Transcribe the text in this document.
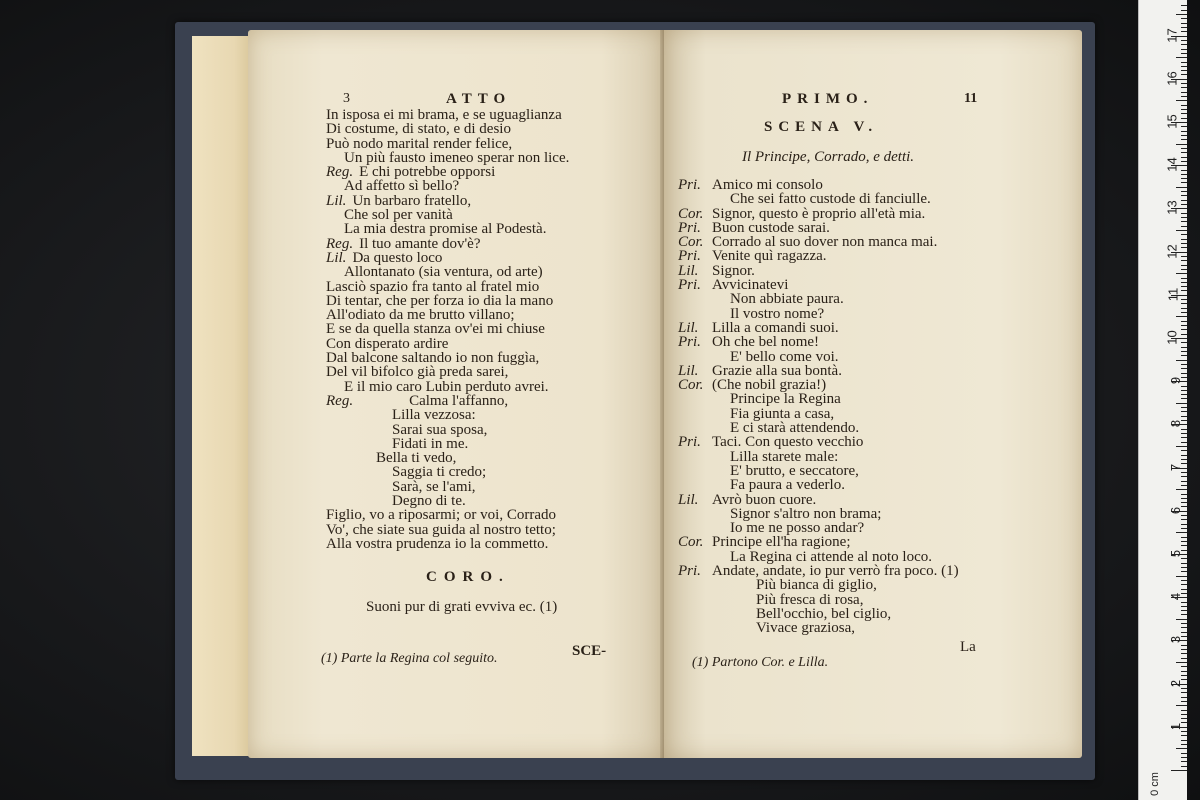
3	ATTO
In isposa ei mi brama, e se uguaglianza
Di costume, di stato, e di desio
Può nodo marital render felice,
Un più fausto imeneo sperar non lice.
Reg. E chi potrebbe opporsi
Ad affetto sì bello?
Lil. Un barbaro fratello,
Che sol per vanità
La mia destra promise al Podestà.
Reg. Il tuo amante dov'è?
Lil. Da questo loco
Allontanato (sia ventura, od arte)
Lasciò spazio fra tanto al fratel mio
Di tentar, che per forza io dia la mano
All'odiato da me brutto villano;
E se da quella stanza ov'ei mi chiuse
Con disperato ardire
Dal balcone saltando io non fuggìa,
Del vil bifolco già preda sarei,
E il mio caro Lubin perduto avrei.
Reg.	Calma l'affanno,
Lilla vezzosa:
Sarai sua sposa,
Fidati in me.
Bella ti vedo,
Saggia ti credo;
Sarà, se l'ami,
Degno di te.
Figlio, vo a riposarmi; or voi, Corrado
Vo', che siate sua guida al nostro tetto;
Alla vostra prudenza io la commetto.
CORO.
Suoni pur di grati evviva ec. (1)
(1) Parte la Regina col seguito.	SCE-
PRIMO.	11
SCENA V.
Il Principe, Corrado, e detti.
Pri. Amico mi consolo
Che sei fatto custode di fanciulle.
Cor. Signor, questo è proprio all'età mia.
Pri. Buon custode sarai.
Cor. Corrado al suo dover non manca mai.
Pri. Venite quì ragazza.
Lil. Signor.
Pri. Avvicinatevi
Non abbiate paura.
Il vostro nome?
Lil. Lilla a comandi suoi.
Pri. Oh che bel nome!
E' bello come voi.
Lil. Grazie alla sua bontà.
Cor. (Che nobil grazia!)
Principe la Regina
Fia giunta a casa,
E ci starà attendendo.
Pri. Taci. Con questo vecchio
Lilla starete male:
E' brutto, e seccatore,
Fa paura a vederlo.
Lil. Avrò buon cuore.
Signor s'altro non brama;
Io me ne posso andar?
Cor. Principe ell'ha ragione;
La Regina ci attende al noto loco.
Pri. Andate, andate, io pur verrò fra poco. (1)
Più bianca di giglio,
Più fresca di rosa,
Bell'occhio, bel ciglio,
Vivace graziosa,
La
(1) Partono Cor. e Lilla.
0 cm
1
2
3
4
5
6
7
8
9
10
11
12
13
14
15
16
17
